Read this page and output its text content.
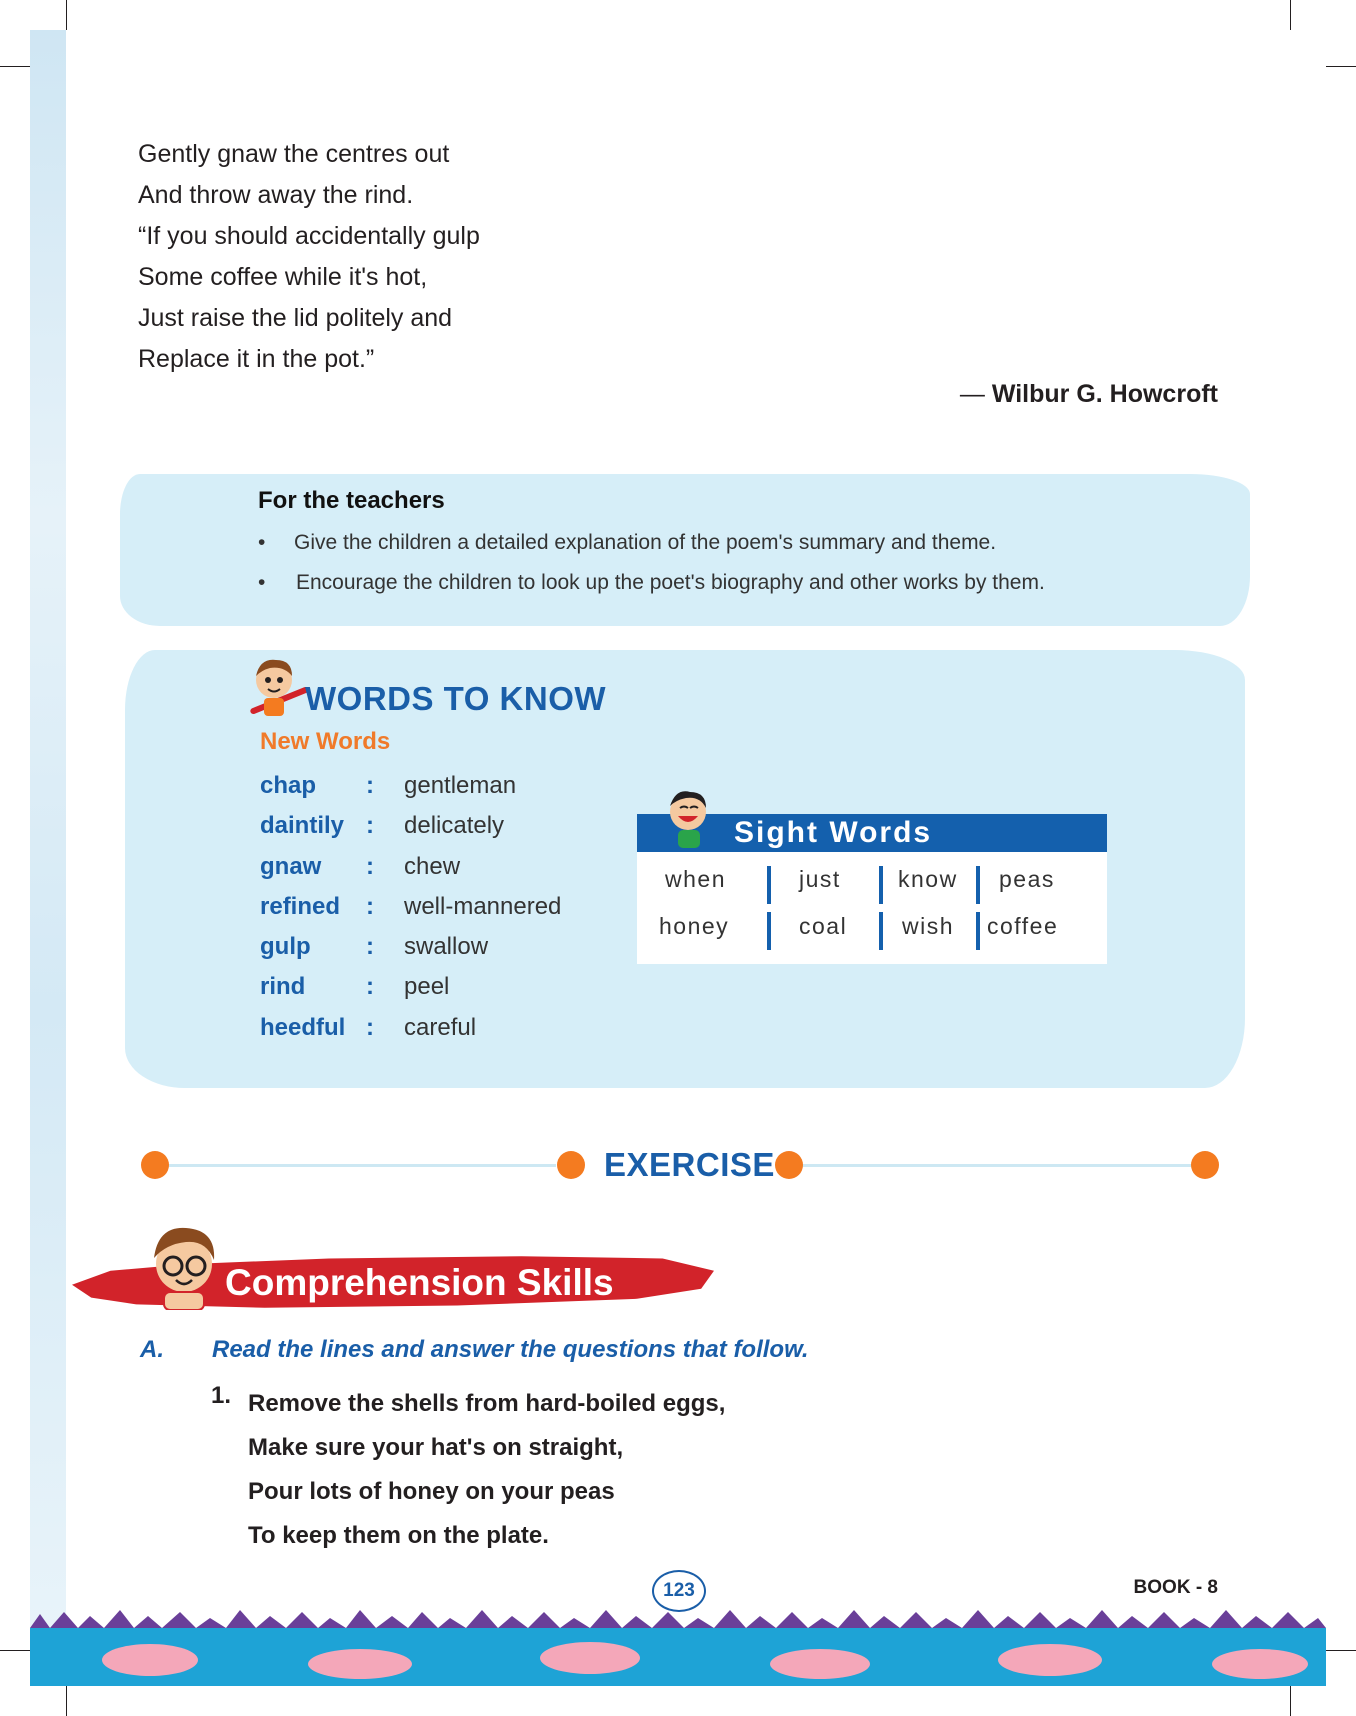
Gently gnaw the centres out
And throw away the rind.
“If you should accidentally gulp
Some coffee while it's hot,
Just raise the lid politely and
Replace it in the pot.”
— Wilbur G. Howcroft
For the teachers
• Give the children a detailed explanation of the poem's summary and theme.
• Encourage the children to look up the poet's biography and other works by them.
WORDS TO KNOW
New Words
chap : gentleman
daintily : delicately
gnaw : chew
refined : well-mannered
gulp : swallow
rind	: peel
heedful : careful
Sight Words
when	just know peas
honey	coal wish coffee
EXERCISE
Comprehension Skills
A. Read the lines and answer the questions that follow.
1. Remove the shells from hard-boiled eggs,
Make sure your hat's on straight,
Pour lots of honey on your peas
To keep them on the plate.
123	BOOK - 8
